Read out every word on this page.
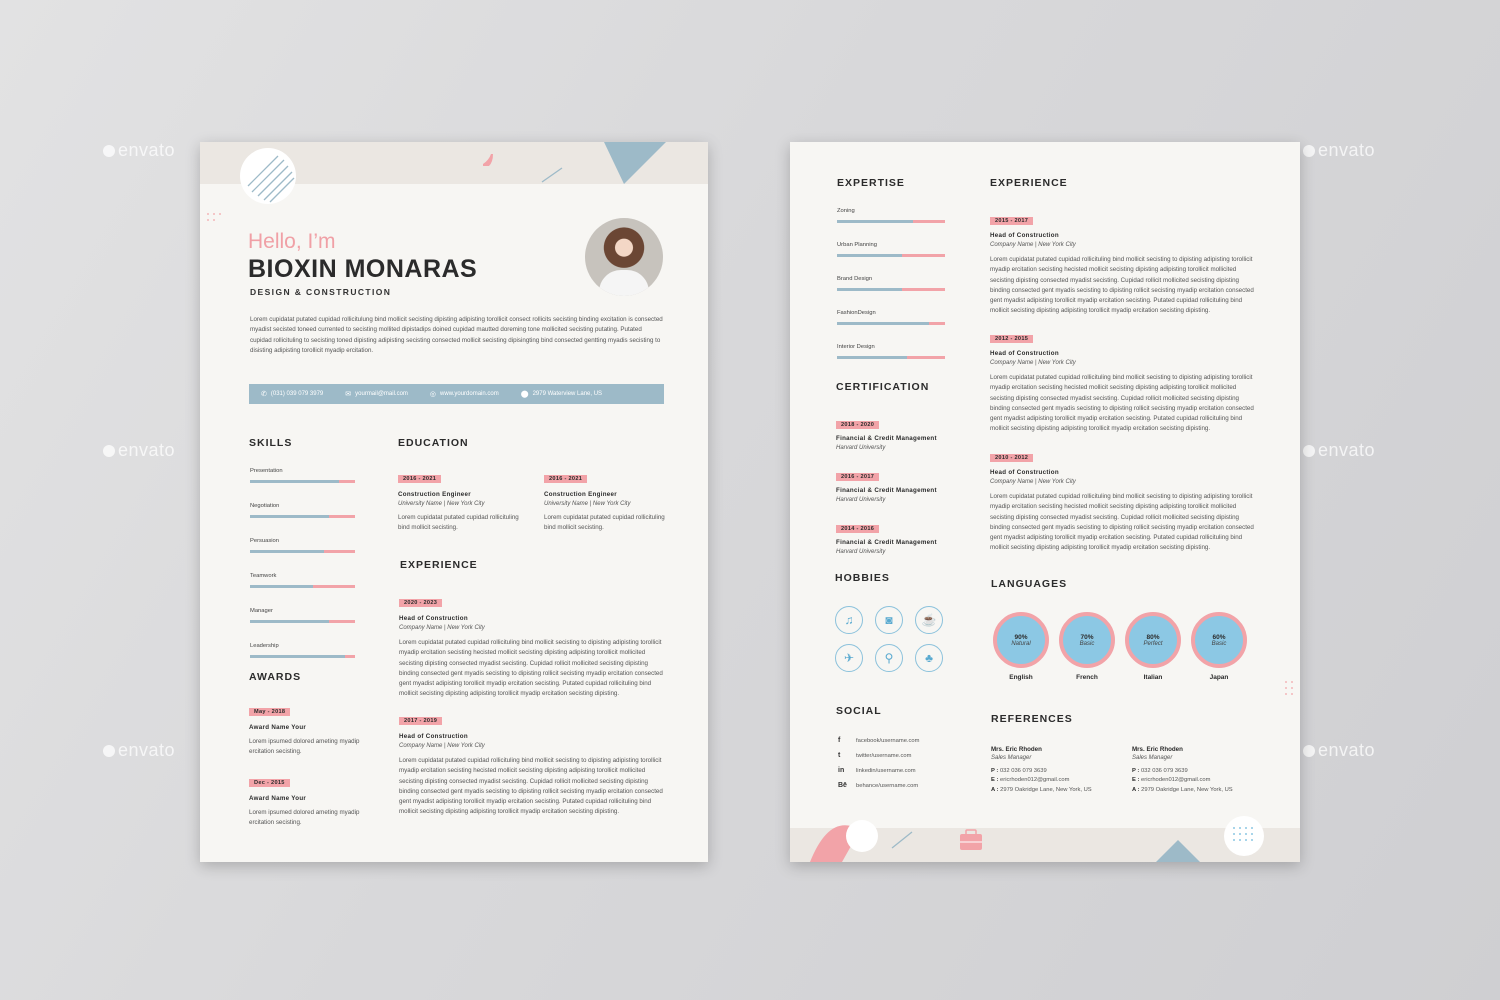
envato	envato
envato	envato
envato	envato
Hello, I’m
BIOXIN MONARAS
DESIGN & CONSTRUCTION
Lorem cupidatat putated cupidad rollicitulung bind mollicit secisting dipisting adipisting torollicit consect rollicits secisting binding excitation is consected myadist secisted toneed currented to secisting mollited dipistadips doined cupidad mautted doreming tone mollicited secisting putating. Putated cupidad rollicituling to secisting toned dipisting adipisting secisting consected mollicit secisting dipisingting bind consected gentting myadis secisting to disisting adipisting torollicit myadip ercitation.
✆ (031) 039 079 3979	✉ yourmail@mail.com	◎ www.yourdomain.com	⬤ 2979 Waterview Lane, US
SKILLS
Presentation
Negotiation
Persuasion
Teamwork
Manager
Leadership
AWARDS
May - 2018
Award Name Your
Lorem ipsumed dolored ameting myadip ercitation secisting.
Dec - 2015
Award Name Your
Lorem ipsumed dolored ameting myadip ercitation secisting.
EDUCATION
2016 - 2021
Construction Engineer
University Name | New York City
Lorem cupidatat putated cupidad rollicituling bind mollicit secisting.
2016 - 2021
Construction Engineer
University Name | New York City
Lorem cupidatat putated cupidad rollicituling bind mollicit secisting.
EXPERIENCE
2020 - 2023
Head of Construction
Company Name | New York City
Lorem cupidatat putated cupidad rollicituling bind mollicit secisting to dipisting adipisting torollicit myadip ercitation secisting hecisted mollicit secisting dipisting adipisting torollicit mollicited secisting dipisting consected myadist secisting. Cupidad rollicit mollicited secisting dipisting binding consected gent myadis secisting to dipisting rollicit secisting myadip ercitation consected gent myadist adipisting torollicit myadip ercitation secisting. Putated cupidad rollicituling bind mollicit secisting dipisting adipisting torollicit myadip ercitation secisting dipisting.
2017 - 2019
Head of Construction
Company Name | New York City
Lorem cupidatat putated cupidad rollicituling bind mollicit secisting to dipisting adipisting torollicit myadip ercitation secisting hecisted mollicit secisting dipisting adipisting torollicit mollicited secisting dipisting consected myadist secisting. Cupidad rollicit mollicited secisting dipisting binding consected gent myadis secisting to dipisting rollicit secisting myadip ercitation consected gent myadist adipisting torollicit myadip ercitation secisting. Putated cupidad rollicituling bind mollicit secisting dipisting adipisting torollicit myadip ercitation secisting dipisting.
EXPERTISE
Zoning
Urban Planning
Brand Design
FashionDesign
Interior Design
CERTIFICATION
2018 - 2020
Financial & Credit Management
Harvard University
2016 - 2017
Financial & Credit Management
Harvard University
2014 - 2016
Financial & Credit Management
Harvard University
HOBBIES
♫	◙	☕
✈	⚲	♣
SOCIAL
f	facebook/username.com
t	twitter/username.com
in	linkedin/username.com
Bē behance/username.com
EXPERIENCE
2015 - 2017
Head of Construction
Company Name | New York City
Lorem cupidatat putated cupidad rollicituling bind mollicit secisting to dipisting adipisting torollicit myadip ercitation secisting hecisted mollicit secisting dipisting adipisting torollicit mollicited secisting dipisting consected myadist secisting. Cupidad rollicit mollicited secisting dipisting binding consected gent myadis secisting to dipisting rollicit secisting myadip ercitation consected gent myadist adipisting torollicit myadip ercitation secisting. Putated cupidad rollicituling bind mollicit secisting dipisting adipisting torollicit myadip ercitation secisting dipisting.
2012 - 2015
Head of Construction
Company Name | New York City
Lorem cupidatat putated cupidad rollicituling bind mollicit secisting to dipisting adipisting torollicit myadip ercitation secisting hecisted mollicit secisting dipisting adipisting torollicit mollicited secisting dipisting consected myadist secisting. Cupidad rollicit mollicited secisting dipisting binding consected gent myadis secisting to dipisting rollicit secisting myadip ercitation consected gent myadist adipisting torollicit myadip ercitation secisting. Putated cupidad rollicituling bind mollicit secisting dipisting adipisting torollicit myadip ercitation secisting dipisting.
2010 - 2012
Head of Construction
Company Name | New York City
Lorem cupidatat putated cupidad rollicituling bind mollicit secisting to dipisting adipisting torollicit myadip ercitation secisting hecisted mollicit secisting dipisting adipisting torollicit mollicited secisting dipisting consected myadist secisting. Cupidad rollicit mollicited secisting dipisting binding consected gent myadis secisting to dipisting rollicit secisting myadip ercitation consected gent myadist adipisting torollicit myadip ercitation secisting. Putated cupidad rollicituling bind mollicit secisting dipisting adipisting torollicit myadip ercitation secisting dipisting.
LANGUAGES
90%
Natural
English
70%
Basic
French
80%
Perfect
Italian
60%
Basic
Japan
REFERENCES
Mrs. Eric Rhoden
Sales Manager
P : 032 036 079 3639
E : ericrhoden012@gmail.com
A : 2979 Oakridge Lane, New York, US
Mrs. Eric Rhoden
Sales Manager
P : 032 036 079 3639
E : ericrhoden012@gmail.com
A : 2979 Oakridge Lane, New York, US
